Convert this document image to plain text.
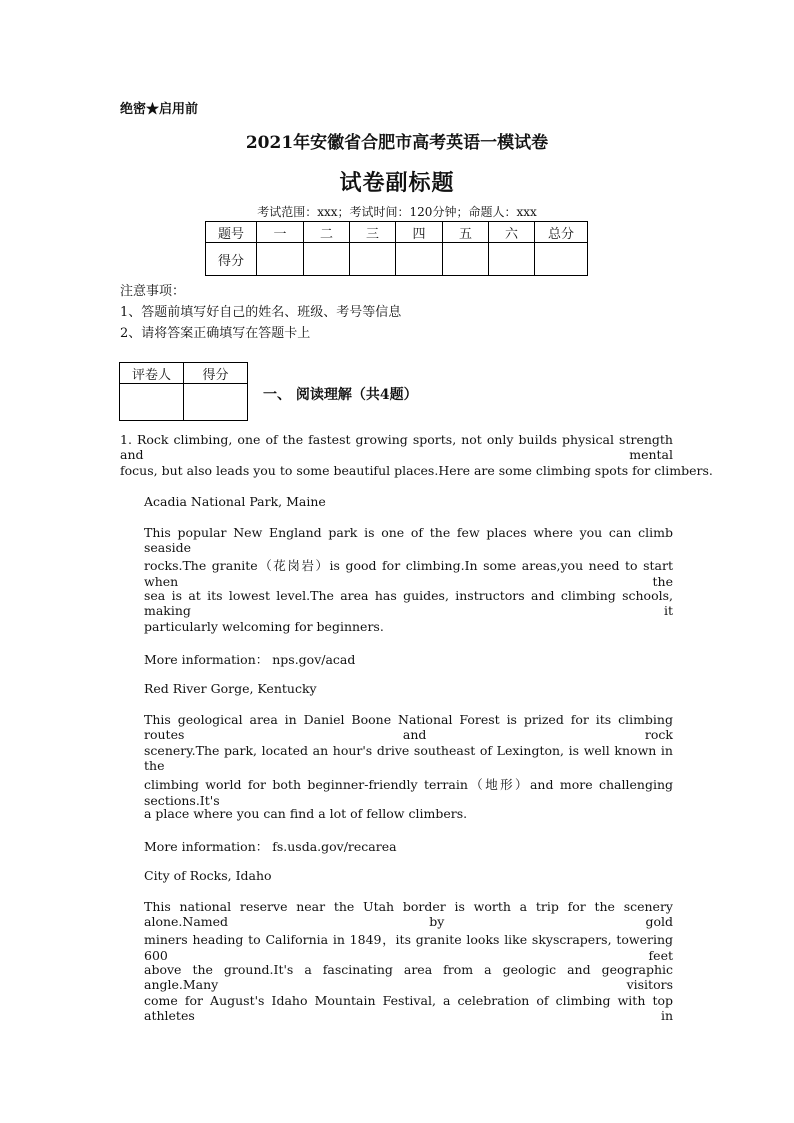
绝密★启用前
2021年安徽省合肥市高考英语一模试卷
试卷副标题
考试范围：xxx；考试时间：120分钟；命题人：xxx
题号	一	二	三	四	五	六	总分
得分							
注意事项：
1、答题前填写好自己的姓名、班级、考号等信息
2、请将答案正确填写在答题卡上
评卷人	得分

一、 阅读理解（共4题）
1. Rock climbing, one of the fastest growing sports, not only builds physical strength and mental
focus, but also leads you to some beautiful places.Here are some climbing spots for climbers.
Acadia National Park, Maine
This popular New England park is one of the few places where you can climb seaside
rocks.The granite（花岗岩）is good for climbing.In some areas,you need to start when the
sea is at its lowest level.The area has guides, instructors and climbing schools, making it
particularly welcoming for beginners.
More information： nps.gov/acad
Red River Gorge, Kentucky
This geological area in Daniel Boone National Forest is prized for its climbing routes and rock
scenery.The park, located an hour's drive southeast of Lexington, is well known in the
climbing world for both beginner-friendly terrain（地形）and more challenging sections.It's
a place where you can find a lot of fellow climbers.
More information： fs.usda.gov/recarea
City of Rocks, Idaho
This national reserve near the Utah border is worth a trip for the scenery alone.Named by gold
miners heading to California in 1849，its granite looks like skyscrapers, towering 600 feet
above the ground.It's a fascinating area from a geologic and geographic angle.Many visitors
come for August's Idaho Mountain Festival, a celebration of climbing with top athletes in
